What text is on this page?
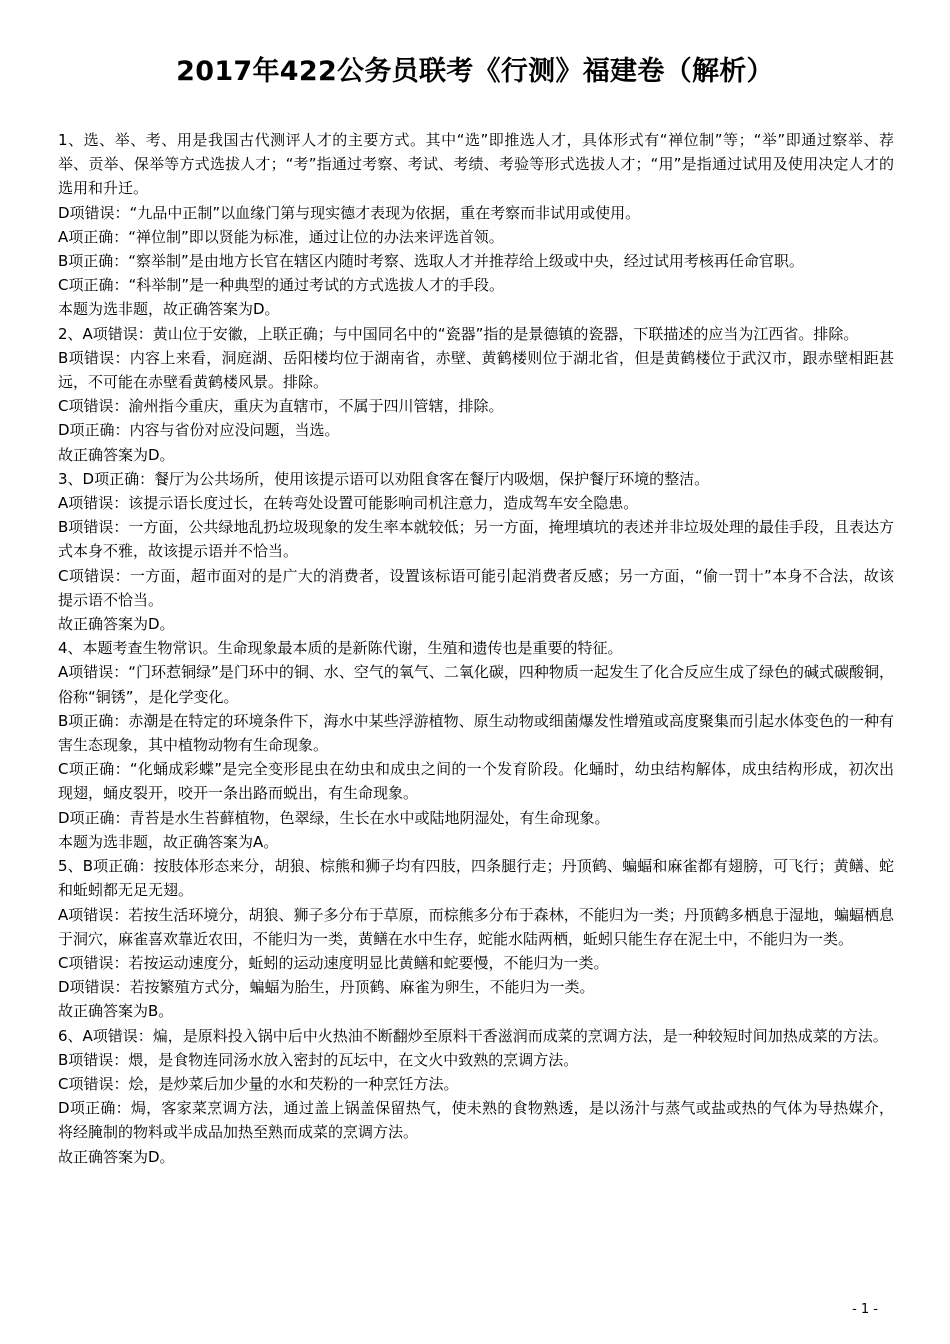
2017年422公务员联考《行测》福建卷（解析）

1、选、举、考、用是我国古代测评人才的主要方式。其中“选”即推选人才，具体形式有“禅位制”等；“举”即通过察举、荐举、贡举、保举等方式选拔人才；“考”指通过考察、考试、考绩、考验等形式选拔人才；“用”是指通过试用及使用决定人才的选用和升迁。

D项错误：“九品中正制”以血缘门第与现实德才表现为依据，重在考察而非试用或使用。

A项正确：“禅位制”即以贤能为标准，通过让位的办法来评选首领。

B项正确：“察举制”是由地方长官在辖区内随时考察、选取人才并推荐给上级或中央，经过试用考核再任命官职。

C项正确：“科举制”是一种典型的通过考试的方式选拔人才的手段。

本题为选非题，故正确答案为D。

2、A项错误：黄山位于安徽，上联正确；与中国同名中的“瓷器”指的是景德镇的瓷器，下联描述的应当为江西省。排除。

B项错误：内容上来看，洞庭湖、岳阳楼均位于湖南省，赤壁、黄鹤楼则位于湖北省，但是黄鹤楼位于武汉市，跟赤壁相距甚远，不可能在赤壁看黄鹤楼风景。排除。

C项错误：渝州指今重庆，重庆为直辖市，不属于四川管辖，排除。

D项正确：内容与省份对应没问题，当选。

故正确答案为D。

3、D项正确：餐厅为公共场所，使用该提示语可以劝阻食客在餐厅内吸烟，保护餐厅环境的整洁。

A项错误：该提示语长度过长，在转弯处设置可能影响司机注意力，造成驾车安全隐患。

B项错误：一方面，公共绿地乱扔垃圾现象的发生率本就较低；另一方面，掩埋填坑的表述并非垃圾处理的最佳手段，且表达方式本身不雅，故该提示语并不恰当。

C项错误：一方面，超市面对的是广大的消费者，设置该标语可能引起消费者反感；另一方面，“偷一罚十”本身不合法，故该提示语不恰当。

故正确答案为D。

4、本题考查生物常识。生命现象最本质的是新陈代谢，生殖和遗传也是重要的特征。

A项错误：“门环惹铜绿”是门环中的铜、水、空气的氧气、二氧化碳，四种物质一起发生了化合反应生成了绿色的碱式碳酸铜，俗称“铜锈”，是化学变化。

B项正确：赤潮是在特定的环境条件下，海水中某些浮游植物、原生动物或细菌爆发性增殖或高度聚集而引起水体变色的一种有害生态现象，其中植物动物有生命现象。

C项正确：“化蛹成彩蝶”是完全变形昆虫在幼虫和成虫之间的一个发育阶段。化蛹时，幼虫结构解体，成虫结构形成，初次出现翅，蛹皮裂开，咬开一条出路而蜕出，有生命现象。

D项正确：青苔是水生苔藓植物，色翠绿，生长在水中或陆地阴湿处，有生命现象。

本题为选非题，故正确答案为A。

5、B项正确：按肢体形态来分，胡狼、棕熊和狮子均有四肢，四条腿行走；丹顶鹤、蝙蝠和麻雀都有翅膀，可飞行；黄鳝、蛇和蚯蚓都无足无翅。

A项错误：若按生活环境分，胡狼、狮子多分布于草原，而棕熊多分布于森林，不能归为一类；丹顶鹤多栖息于湿地，蝙蝠栖息于洞穴，麻雀喜欢靠近农田，不能归为一类，黄鳝在水中生存，蛇能水陆两栖，蚯蚓只能生存在泥土中，不能归为一类。

C项错误：若按运动速度分，蚯蚓的运动速度明显比黄鳝和蛇要慢，不能归为一类。

D项错误：若按繁殖方式分，蝙蝠为胎生，丹顶鹤、麻雀为卵生，不能归为一类。

故正确答案为B。

6、A项错误：煸，是原料投入锅中后中火热油不断翻炒至原料干香滋润而成菜的烹调方法，是一种较短时间加热成菜的方法。

B项错误：煨，是食物连同汤水放入密封的瓦坛中，在文火中致熟的烹调方法。

C项错误：烩，是炒菜后加少量的水和芡粉的一种烹饪方法。

D项正确：焗，客家菜烹调方法，通过盖上锅盖保留热气，使未熟的食物熟透，是以汤汁与蒸气或盐或热的气体为导热媒介，将经腌制的物料或半成品加热至熟而成菜的烹调方法。

故正确答案为D。

- 1 -
